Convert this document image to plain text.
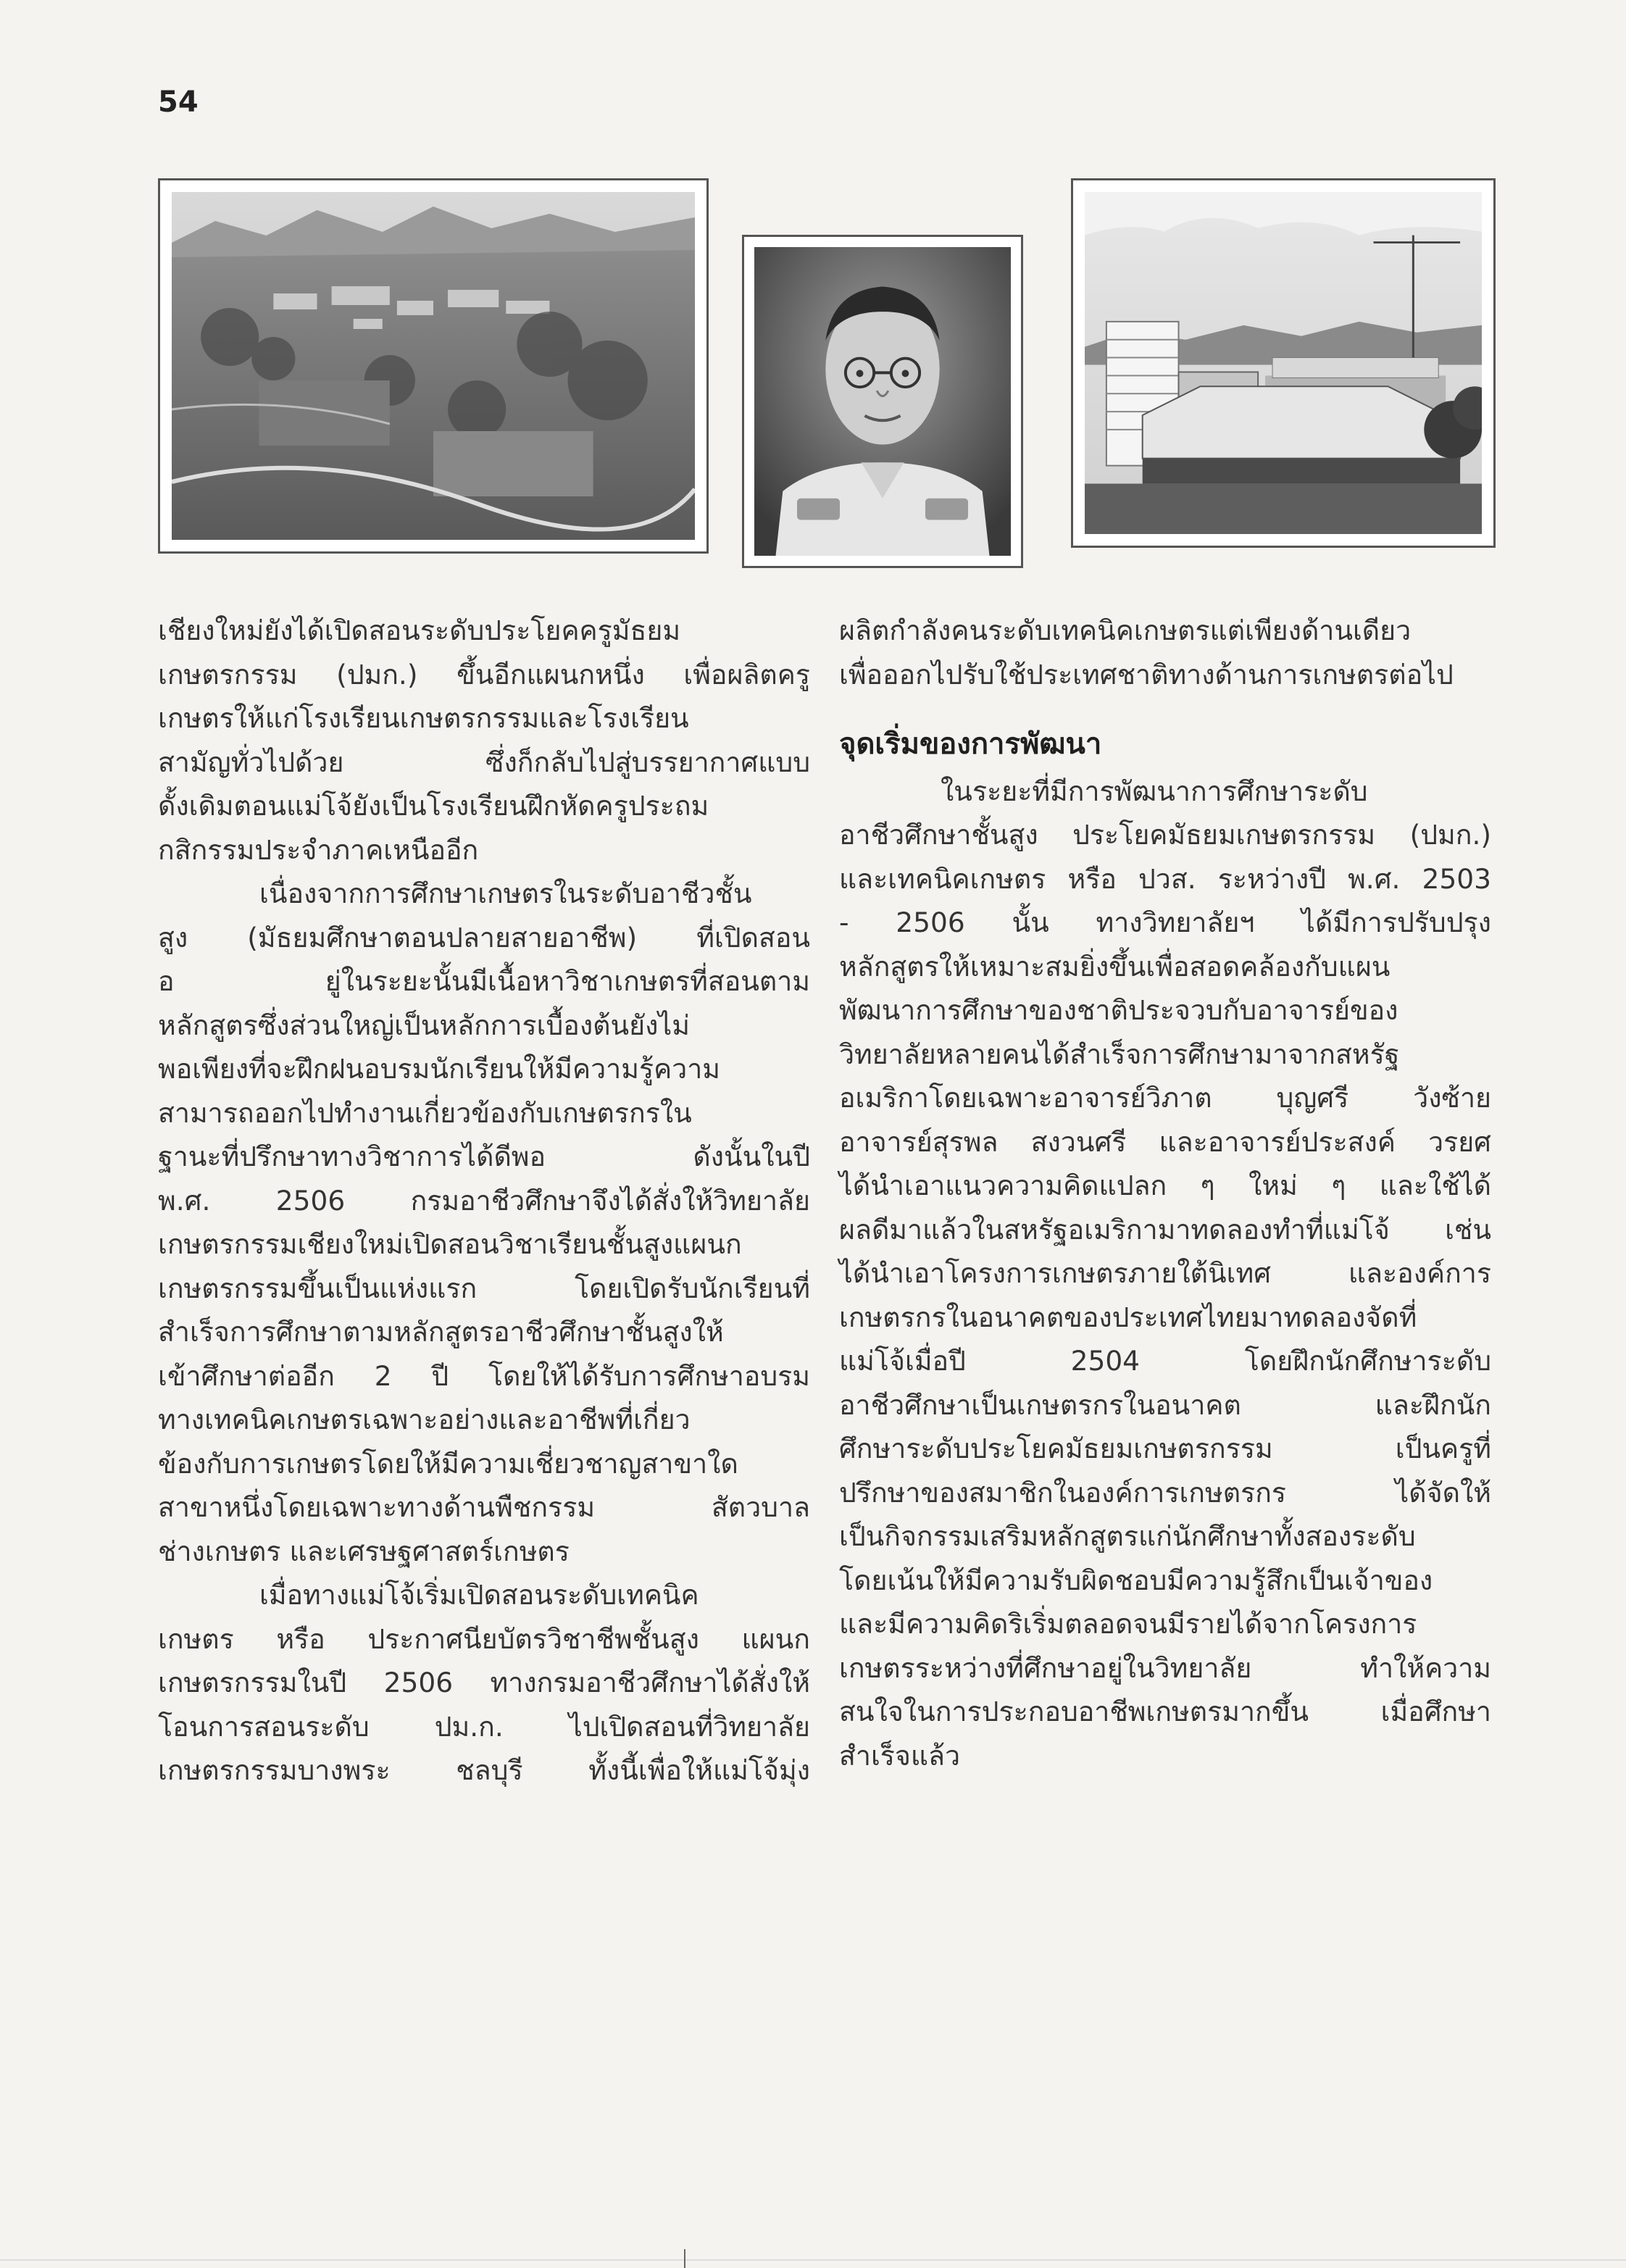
54
เชียงใหม่ยังได้เปิดสอนระดับประโยคครูมัธยม
เกษตรกรรม (ปมก.) ขึ้นอีกแผนกหนึ่ง เพื่อผลิตครู
เกษตรให้แก่โรงเรียนเกษตรกรรมและโรงเรียน
สามัญทั่วไปด้วย ซึ่งก็กลับไปสู่บรรยากาศแบบ
ดั้งเดิมตอนแม่โจ้ยังเป็นโรงเรียนฝึกหัดครูประถม
กสิกรรมประจำภาคเหนืออีก
เนื่องจากการศึกษาเกษตรในระดับอาชีวชั้น
สูง (มัธยมศึกษาตอนปลายสายอาชีพ) ที่เปิดสอน
อ ยู่ในระยะนั้นมีเนื้อหาวิชาเกษตรที่สอนตาม
หลักสูตรซึ่งส่วนใหญ่เป็นหลักการเบื้องต้นยังไม่
พอเพียงที่จะฝึกฝนอบรมนักเรียนให้มีความรู้ความ
สามารถออกไปทำงานเกี่ยวข้องกับเกษตรกรใน
ฐานะที่ปรึกษาทางวิชาการได้ดีพอ ดังนั้นในปี
พ.ศ. 2506 กรมอาชีวศึกษาจึงได้สั่งให้วิทยาลัย
เกษตรกรรมเชียงใหม่เปิดสอนวิชาเรียนชั้นสูงแผนก
เกษตรกรรมขึ้นเป็นแห่งแรก โดยเปิดรับนักเรียนที่
สำเร็จการศึกษาตามหลักสูตรอาชีวศึกษาชั้นสูงให้
เข้าศึกษาต่ออีก 2 ปี โดยให้ได้รับการศึกษาอบรม
ทางเทคนิคเกษตรเฉพาะอย่างและอาชีพที่เกี่ยว
ข้องกับการเกษตรโดยให้มีความเชี่ยวชาญสาขาใด
สาขาหนึ่งโดยเฉพาะทางด้านพืชกรรม สัตวบาล
ช่างเกษตร และเศรษฐศาสตร์เกษตร
เมื่อทางแม่โจ้เริ่มเปิดสอนระดับเทคนิค
เกษตร หรือ ประกาศนียบัตรวิชาชีพชั้นสูง แผนก
เกษตรกรรมในปี 2506 ทางกรมอาชีวศึกษาได้สั่งให้
โอนการสอนระดับ ปม.ก. ไปเปิดสอนที่วิทยาลัย
เกษตรกรรมบางพระ ชลบุรี ทั้งนี้เพื่อให้แม่โจ้มุ่ง
ผลิตกำลังคนระดับเทคนิคเกษตรแต่เพียงด้านเดียว
เพื่อออกไปรับใช้ประเทศชาติทางด้านการเกษตรต่อไป
จุดเริ่มของการพัฒนา
ในระยะที่มีการพัฒนาการศึกษาระดับ
อาชีวศึกษาชั้นสูง ประโยคมัธยมเกษตรกรรม (ปมก.)
และเทคนิคเกษตร หรือ ปวส. ระหว่างปี พ.ศ. 2503
- 2506 นั้น ทางวิทยาลัยฯ ได้มีการปรับปรุง
หลักสูตรให้เหมาะสมยิ่งขึ้นเพื่อสอดคล้องกับแผน
พัฒนาการศึกษาของชาติประจวบกับอาจารย์ของ
วิทยาลัยหลายคนได้สำเร็จการศึกษามาจากสหรัฐ
อเมริกาโดยเฉพาะอาจารย์วิภาต บุญศรี วังซ้าย
อาจารย์สุรพล สงวนศรี และอาจารย์ประสงค์ วรยศ
ได้นำเอาแนวความคิดแปลก ๆ ใหม่ ๆ และใช้ได้
ผลดีมาแล้วในสหรัฐอเมริกามาทดลองทำที่แม่โจ้ เช่น
ได้นำเอาโครงการเกษตรภายใต้นิเทศ และองค์การ
เกษตรกรในอนาคตของประเทศไทยมาทดลองจัดที่
แม่โจ้เมื่อปี 2504 โดยฝึกนักศึกษาระดับ
อาชีวศึกษาเป็นเกษตรกรในอนาคต และฝึกนัก
ศึกษาระดับประโยคมัธยมเกษตรกรรม เป็นครูที่
ปรึกษาของสมาชิกในองค์การเกษตรกร ได้จัดให้
เป็นกิจกรรมเสริมหลักสูตรแก่นักศึกษาทั้งสองระดับ
โดยเน้นให้มีความรับผิดชอบมีความรู้สึกเป็นเจ้าของ
และมีความคิดริเริ่มตลอดจนมีรายได้จากโครงการ
เกษตรระหว่างที่ศึกษาอยู่ในวิทยาลัย ทำให้ความ
สนใจในการประกอบอาชีพเกษตรมากขึ้น เมื่อศึกษา
สำเร็จแล้ว
